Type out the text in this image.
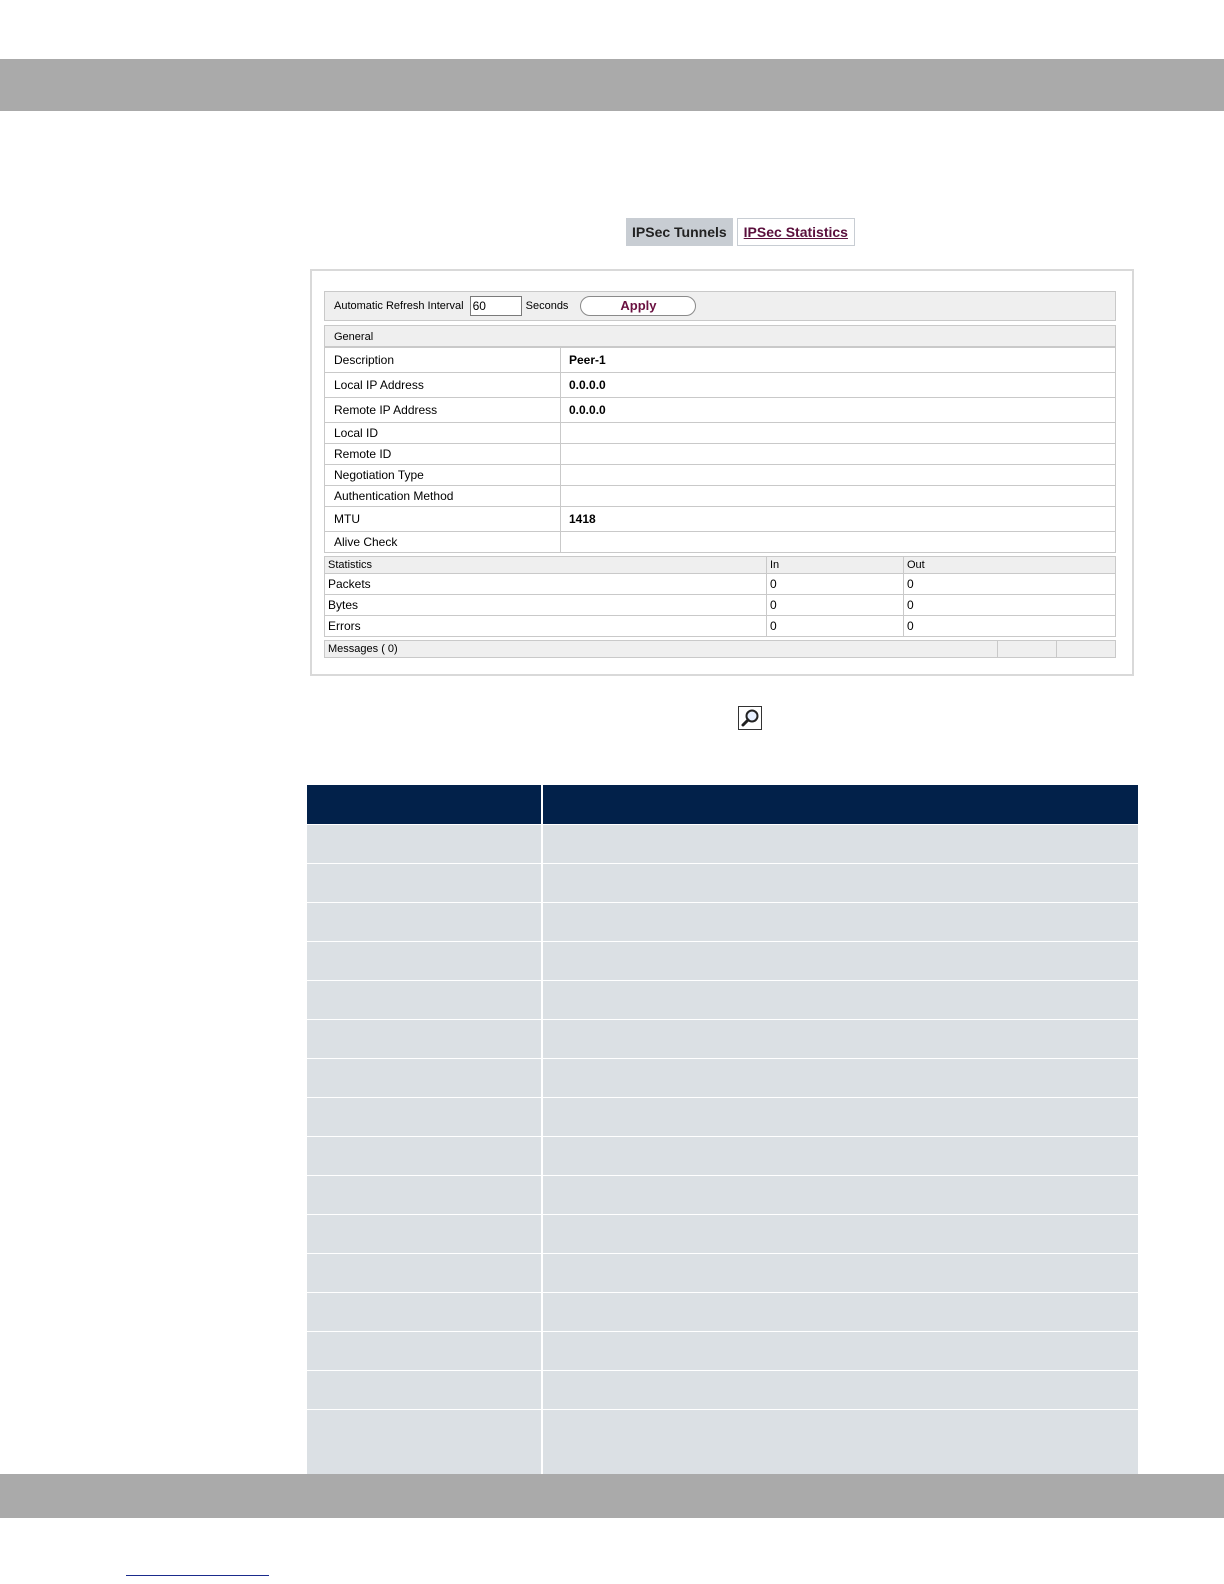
IPSec Tunnels	IPSec Statistics
Automatic Refresh Interval
60	Seconds	Apply
General
Description	Peer-1
Local IP Address	0.0.0.0
Remote IP Address	0.0.0.0
Local ID	
Remote ID	
Negotiation Type	
Authentication Method	
MTU	1418
Alive Check	
Statistics	In	Out
Packets	0	0
Bytes	0	0
Errors	0	0
Messages ( 0)
